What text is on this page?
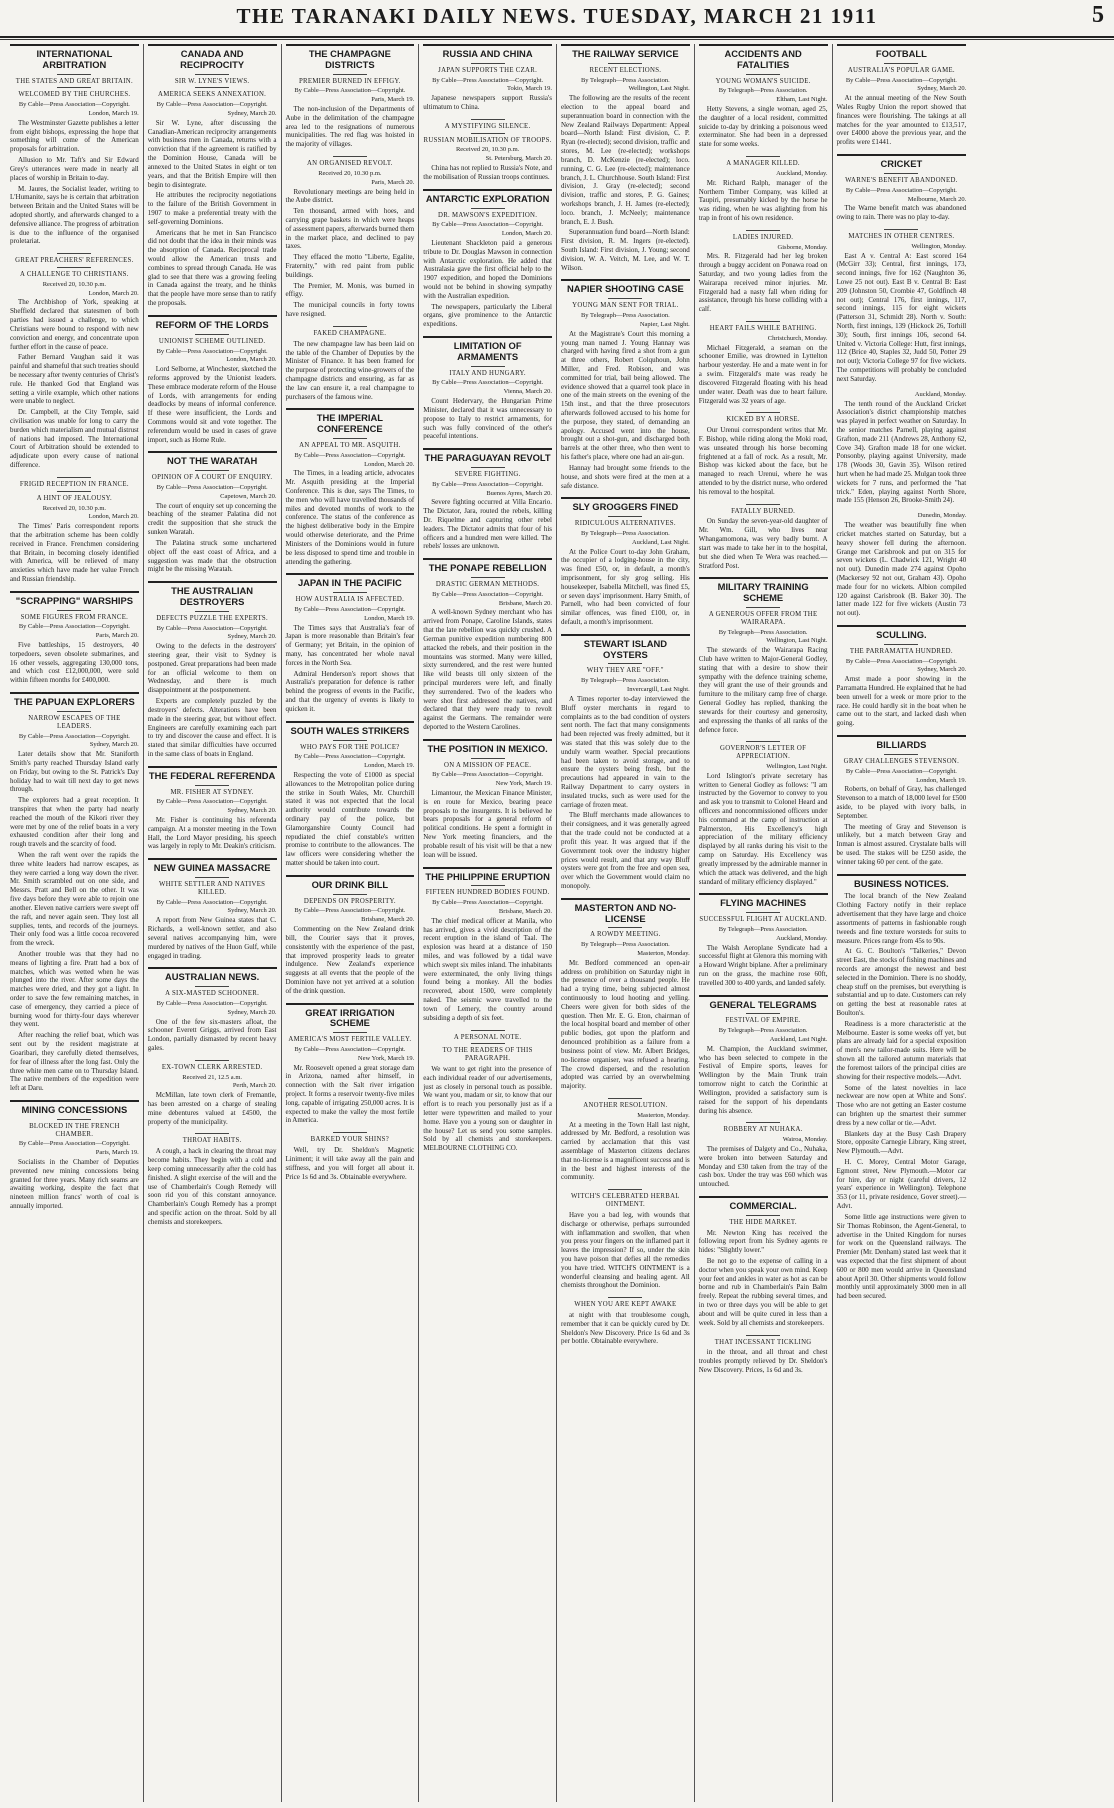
THE TARANAKI DAILY NEWS. TUESDAY, MARCH 21 1911	5
INTERNATIONAL ARBITRATION
THE STATES AND GREAT BRITAIN.
WELCOMED BY THE CHURCHES.
By Cable—Press Association—Copyright.
London, March 19.

The Westminster Gazette publishes a letter from eight bishops, expressing the hope that something will come of the American proposals for arbitration.

Allusion to Mr. Taft's and Sir Edward Grey's utterances were made in nearly all places of worship in Britain to-day.

M. Jaures, the Socialist leader, writing to L'Humanite, says he is certain that arbitration between Britain and the United States will be adopted shortly, and afterwards changed to a defensive alliance. The progress of arbitration is due to the influence of the organised proletariat.

GREAT PREACHERS' REFERENCES.
A CHALLENGE TO CHRISTIANS.
Received 20, 10.30 p.m.
London, March 20.

The Archbishop of York, speaking at Sheffield declared that statesmen of both parties had issued a challenge, to which Christians were bound to respond with new conviction and energy, and concentrate upon further effort in the cause of peace.

Father Bernard Vaughan said it was painful and shameful that such treaties should be necessary after twenty centuries of Christ's rule. He thanked God that England was setting a virile example, which other nations were unable to neglect.

Dr. Campbell, at the City Temple, said civilisation was unable for long to carry the burden which materialism and mutual distrust of nations had imposed. The International Court of Arbitration should be extended to adjudicate upon every cause of national difference.

FRIGID RECEPTION IN FRANCE.
A HINT OF JEALOUSY.
Received 20, 10.30 p.m.
London, March 20.

The Times' Paris correspondent reports that the arbitration scheme has been coldly received in France. Frenchmen considering that Britain, in becoming closely identified with America, will be relieved of many anxieties which have made her value French and Russian friendship.

"SCRAPPING" WARSHIPS
SOME FIGURES FROM FRANCE.
By Cable—Press Association—Copyright.
Paris, March 20.

Five battleships, 15 destroyers, 40 torpedoers, seven obsolete submarines, and 16 other vessels, aggregating 130,000 tons, and which cost £12,000,000, were sold within fifteen months for £400,000.

THE PAPUAN EXPLORERS
NARROW ESCAPES OF THE LEADERS.
By Cable—Press Association—Copyright.
Sydney, March 20.

Later details show that Mr. Staniforth Smith's party reached Thursday Island early on Friday, but owing to the St. Patrick's Day holiday had to wait till next day to get news through.

The explorers had a great reception. It transpires that when the party had nearly reached the mouth of the Kikori river they were met by one of the relief boats in a very exhausted condition after their long and rough travels and the scarcity of food.

When the raft went over the rapids the three white leaders had narrow escapes, as they were carried a long way down the river. Mr. Smith scrambled out on one side, and Messrs. Pratt and Bell on the other. It was five days before they were able to rejoin one another. Eleven native carriers were swept off the raft, and never again seen. They lost all supplies, tents, and records of the journeys. Their only food was a little cocoa recovered from the wreck.

Another trouble was that they had no means of lighting a fire. Pratt had a box of matches, which was wetted when he was plunged into the river. After some days the matches were dried, and they got a light. In order to save the few remaining matches, in case of emergency, they carried a piece of burning wood for thirty-four days wherever they went.

After reaching the relief boat, which was sent out by the resident magistrate at Goaribari, they carefully dieted themselves, for fear of illness after the long fast. Only the three white men came on to Thursday Island. The native members of the expedition were left at Daru.

MINING CONCESSIONS
BLOCKED IN THE FRENCH CHAMBER.
By Cable—Press Association—Copyright.
Paris, March 19.

Socialists in the Chamber of Deputies prevented new mining concessions being granted for three years. Many rich seams are awaiting working, despite the fact that nineteen million francs' worth of coal is annually imported.

CANADA AND RECIPROCITY
SIR W. LYNE'S VIEWS.
AMERICA SEEKS ANNEXATION.
By Cable—Press Association—Copyright.
Sydney, March 20.

Sir W. Lyne, after discussing the Canadian-American reciprocity arrangements with business men in Canada, returns with a conviction that if the agreement is ratified by the Dominion House, Canada will be annexed to the United States in eight or ten years, and that the British Empire will then begin to disintegrate.

He attributes the reciprocity negotiations to the failure of the British Government in 1907 to make a preferential treaty with the self-governing Dominions.

Americans that he met in San Francisco did not doubt that the idea in their minds was the absorption of Canada. Reciprocal trade would allow the American trusts and combines to spread through Canada. He was glad to see that there was a growing feeling in Canada against the treaty, and he thinks that the people have more sense than to ratify the proposals.

REFORM OF THE LORDS
UNIONIST SCHEME OUTLINED.
By Cable—Press Association—Copyright.
London, March 20.

Lord Selborne, at Winchester, sketched the reforms approved by the Unionist leaders. These embrace moderate reform of the House of Lords, with arrangements for ending deadlocks by means of informal conference. If these were insufficient, the Lords and Commons would sit and vote together. The referendum would be used in cases of grave import, such as Home Rule.

NOT THE WARATAH
OPINION OF A COURT OF ENQUIRY.
By Cable—Press Association—Copyright.
Capetown, March 20.

The court of enquiry set up concerning the beaching of the steamer Palatina did not credit the supposition that she struck the sunken Waratah.

The Palatina struck some unchartered object off the east coast of Africa, and a suggestion was made that the obstruction might be the missing Waratah.

THE AUSTRALIAN DESTROYERS
DEFECTS PUZZLE THE EXPERTS.
By Cable—Press Association—Copyright.
Sydney, March 20.

Owing to the defects in the destroyers' steering gear, their visit to Sydney is postponed. Great preparations had been made for an official welcome to them on Wednesday, and there is much disappointment at the postponement.

Experts are completely puzzled by the destroyers' defects. Alterations have been made in the steering gear, but without effect. Engineers are carefully examining each part to try and discover the cause and effect. It is stated that similar difficulties have occurred in the same class of boats in England.

THE FEDERAL REFERENDA
MR. FISHER AT SYDNEY.
By Cable—Press Association—Copyright.
Sydney, March 20.

Mr. Fisher is continuing his referenda campaign. At a monster meeting in the Town Hall, the Lord Mayor presiding, his speech was largely in reply to Mr. Deakin's criticism.

NEW GUINEA MASSACRE
WHITE SETTLER AND NATIVES KILLED.
By Cable—Press Association—Copyright.
Sydney, March 20.

A report from New Guinea states that C. Richards, a well-known settler, and also several natives accompanying him, were murdered by natives of the Huon Gulf, while engaged in trading.

AUSTRALIAN NEWS.
A SIX-MASTED SCHOONER.
By Cable—Press Association—Copyright.
Sydney, March 20.

One of the few six-masters afloat, the schooner Everett Griggs, arrived from East London, partially dismasted by recent heavy gales.

EX-TOWN CLERK ARRESTED.
Received 21, 12.5 a.m.
Perth, March 20.

McMillan, late town clerk of Fremantle, has been arrested on a charge of stealing mine debentures valued at £4500, the property of the municipality.

THROAT HABITS.

A cough, a hack in clearing the throat may become habits. They begin with a cold and keep coming unnecessarily after the cold has finished. A slight exercise of the will and the use of Chamberlain's Cough Remedy will soon rid you of this constant annoyance. Chamberlain's Cough Remedy has a prompt and specific action on the throat. Sold by all chemists and storekeepers.

THE CHAMPAGNE DISTRICTS
PREMIER BURNED IN EFFIGY.
By Cable—Press Association—Copyright.
Paris, March 19.

The non-inclusion of the Departments of Aube in the delimitation of the champagne area led to the resignations of numerous municipalities. The red flag was hoisted in the majority of villages.

AN ORGANISED REVOLT.
Received 20, 10.30 p.m.
Paris, March 20.

Revolutionary meetings are being held in the Aube district.

Ten thousand, armed with hoes, and carrying grape baskets in which were heaps of assessment papers, afterwards burned them in the market place, and declined to pay taxes.

They effaced the motto "Liberte, Egalite, Fraternity," with red paint from public buildings.

The Premier, M. Monis, was burned in effigy.

The municipal councils in forty towns have resigned.

FAKED CHAMPAGNE.

The new champagne law has been laid on the table of the Chamber of Deputies by the Minister of Finance. It has been framed for the purpose of protecting wine-growers of the champagne districts and ensuring, as far as the law can ensure it, a real champagne to purchasers of the famous wine.

THE IMPERIAL CONFERENCE
AN APPEAL TO MR. ASQUITH.
By Cable—Press Association—Copyright.
London, March 20.

The Times, in a leading article, advocates Mr. Asquith presiding at the Imperial Conference. This is due, says The Times, to the men who will have travelled thousands of miles and devoted months of work to the conference. The status of the conference as the highest deliberative body in the Empire would otherwise deteriorate, and the Prime Ministers of the Dominions would in future be less disposed to spend time and trouble in attending the gathering.

JAPAN IN THE PACIFIC
HOW AUSTRALIA IS AFFECTED.
By Cable—Press Association—Copyright.
London, March 19.

The Times says that Australia's fear of Japan is more reasonable than Britain's fear of Germany; yet Britain, in the opinion of many, has concentrated her whole naval forces in the North Sea.

Admiral Henderson's report shows that Australia's preparation for defence is rather behind the progress of events in the Pacific, and that the urgency of events is likely to quicken it.

SOUTH WALES STRIKERS
WHO PAYS FOR THE POLICE?
By Cable—Press Association—Copyright.
London, March 19.

Respecting the vote of £1000 as special allowances to the Metropolitan police during the strike in South Wales, Mr. Churchill stated it was not expected that the local authority would contribute towards the ordinary pay of the police, but Glamorganshire County Council had repudiated the chief constable's written promise to contribute to the allowances. The law officers were considering whether the matter should be taken into court.

OUR DRINK BILL
DEPENDS ON PROSPERITY.
By Cable—Press Association—Copyright.
Brisbane, March 20.

Commenting on the New Zealand drink bill, the Courier says that it proves, consistently with the experience of the past, that improved prosperity leads to greater indulgence. New Zealand's experience suggests at all events that the people of the Dominion have not yet arrived at a solution of the drink question.

GREAT IRRIGATION SCHEME
AMERICA'S MOST FERTILE VALLEY.
By Cable—Press Association—Copyright.
New York, March 19.

Mr. Roosevelt opened a great storage dam in Arizona, named after himself, in connection with the Salt river irrigation project. It forms a reservoir twenty-five miles long, capable of irrigating 250,000 acres. It is expected to make the valley the most fertile in America.

BARKED YOUR SHINS?

Well, try Dr. Sheldon's Magnetic Liniment; it will take away all the pain and stiffness, and you will forget all about it. Price 1s 6d and 3s. Obtainable everywhere.

RUSSIA AND CHINA
JAPAN SUPPORTS THE CZAR.
By Cable—Press Association—Copyright.
Tokio, March 19.

Japanese newspapers support Russia's ultimatum to China.

A MYSTIFYING SILENCE.
RUSSIAN MOBILISATION OF TROOPS.
Received 20, 10.30 p.m.
St. Petersburg, March 20.

China has not replied to Russia's Note, and the mobilisation of Russian troops continues.

ANTARCTIC EXPLORATION
DR. MAWSON'S EXPEDITION.
By Cable—Press Association—Copyright.
London, March 20.

Lieutenant Shackleton paid a generous tribute to Dr. Douglas Mawson in connection with Antarctic exploration. He added that Australasia gave the first official help to the 1907 expedition, and hoped the Dominions would not be behind in showing sympathy with the Australian expedition.

The newspapers, particularly the Liberal organs, give prominence to the Antarctic expeditions.

LIMITATION OF ARMAMENTS
ITALY AND HUNGARY.
By Cable—Press Association—Copyright.
Vienna, March 20.

Count Hedervary, the Hungarian Prime Minister, declared that it was unnecessary to propose to Italy to restrict armaments, for such was fully convinced of the other's peaceful intentions.

THE PARAGUAYAN REVOLT
SEVERE FIGHTING.
By Cable—Press Association—Copyright.
Buenos Ayres, March 20.

Severe fighting occurred at Villa Encario. The Dictator, Jara, routed the rebels, killing Dr. Riquelme and capturing other rebel leaders. The Dictator admits that four of his officers and a hundred men were killed. The rebels' losses are unknown.

THE PONAPE REBELLION
DRASTIC GERMAN METHODS.
By Cable—Press Association—Copyright.
Brisbane, March 20.

A well-known Sydney merchant who has arrived from Ponape, Caroline Islands, states that the late rebellion was quickly crushed. A German punitive expedition numbering 800 attacked the rebels, and their position in the mountains was stormed. Many were killed, sixty surrendered, and the rest were hunted like wild beasts till only sixteen of the principal murderers were left, and finally they surrendered. Two of the leaders who were shot first addressed the natives, and declared that they were ready to revolt against the Germans. The remainder were deported to the Western Carolines.

THE POSITION IN MEXICO.
ON A MISSION OF PEACE.
By Cable—Press Association—Copyright.
New York, March 19.

Limantour, the Mexican Finance Minister, is en route for Mexico, bearing peace proposals to the insurgents. It is believed he bears proposals for a general reform of political conditions. He spent a fortnight in New York meeting financiers, and the probable result of his visit will be that a new loan will be issued.

THE PHILIPPINE ERUPTION
FIFTEEN HUNDRED BODIES FOUND.
By Cable—Press Association—Copyright.
Brisbane, March 20.

The chief medical officer at Manila, who has arrived, gives a vivid description of the recent eruption in the island of Taal. The explosion was heard at a distance of 150 miles, and was followed by a tidal wave which swept six miles inland. The inhabitants were exterminated, the only living things found being a monkey. All the bodies recovered, about 1500, were completely naked. The seismic wave travelled to the town of Lemery, the country around subsiding a depth of six feet.

A PERSONAL NOTE.
TO THE READERS OF THIS PARAGRAPH.

We want to get right into the presence of each individual reader of our advertisements, just as closely in personal touch as possible. We want you, madam or sir, to know that our effort is to reach you personally just as if a letter were typewritten and mailed to your home. Have you a young son or daughter in the house? Let us send you some samples. Sold by all chemists and storekeepers. MELBOURNE CLOTHING CO.

THE RAILWAY SERVICE
RECENT ELECTIONS.
By Telegraph—Press Association.
Wellington, Last Night.

The following are the results of the recent election to the appeal board and superannuation board in connection with the New Zealand Railways Department: Appeal board—North Island: First division, C. P. Ryan (re-elected); second division, traffic and stores, M. Lee (re-elected); workshops branch, D. McKenzie (re-elected); loco. running, C. G. Lee (re-elected); maintenance branch, J. L. Churchhouse. South Island: First division, J. Gray (re-elected); second division, traffic and stores, P. G. Gaines; workshops branch, J. H. James (re-elected); loco. branch, J. McNeely; maintenance branch, E. J. Bush.

Superannuation fund board—North Island: First division, R. M. Ingers (re-elected). South Island: First division, J. Young; second division, W. A. Veitch, M. Lee, and W. T. Wilson.

NAPIER SHOOTING CASE
YOUNG MAN SENT FOR TRIAL.
By Telegraph—Press Association.
Napier, Last Night.

At the Magistrate's Court this morning a young man named J. Young Hannay was charged with having fired a shot from a gun at three others, Robert Colquhoun, John Miller, and Fred. Robison, and was committed for trial, bail being allowed. The evidence showed that a quarrel took place in one of the main streets on the evening of the 15th inst., and that the three prosecutors afterwards followed accused to his home for the purpose, they stated, of demanding an apology. Accused went into the house, brought out a shot-gun, and discharged both barrels at the other three, who then went to his father's place, where one had an air-gun.

Hannay had brought some friends to the house, and shots were fired at the men at a safe distance.

SLY GROGGERS FINED
RIDICULOUS ALTERNATIVES.
By Telegraph—Press Association.
Auckland, Last Night.

At the Police Court to-day John Graham, the occupier of a lodging-house in the city, was fined £50, or, in default, a month's imprisonment, for sly grog selling. His housekeeper, Isabella Mitchell, was fined £5, or seven days' imprisonment. Harry Smith, of Parnell, who had been convicted of four similar offences, was fined £100, or, in default, a month's imprisonment.

STEWART ISLAND OYSTERS
WHY THEY ARE "OFF."
By Telegraph—Press Association.
Invercargill, Last Night.

A Times reporter to-day interviewed the Bluff oyster merchants in regard to complaints as to the bad condition of oysters sent north. The fact that many consignments had been rejected was freely admitted, but it was stated that this was solely due to the unduly warm weather. Special precautions had been taken to avoid storage, and to ensure the oysters being fresh, but the precautions had appeared in vain to the Railway Department to carry oysters in insulated trucks, such as were used for the carriage of frozen meat.

The Bluff merchants made allowances to their consignees, and it was generally agreed that the trade could not be conducted at a profit this year. It was argued that if the Government took over the industry higher prices would result, and that any way Bluff oysters were got from the free and open sea, over which the Government would claim no monopoly.

MASTERTON AND NO-LICENSE
A ROWDY MEETING.
By Telegraph—Press Association.
Masterton, Monday.

Mr. Bedford commenced an open-air address on prohibition on Saturday night in the presence of over a thousand people. He had a trying time, being subjected almost continuously to loud hooting and yelling. Cheers were given for both sides of the question. Then Mr. E. G. Eton, chairman of the local hospital board and member of other public bodies, got upon the platform and denounced prohibition as a failure from a business point of view. Mr. Albert Bridges, no-license organiser, was refused a hearing. The crowd dispersed, and the resolution adopted was carried by an overwhelming majority.

ANOTHER RESOLUTION.
Masterton, Monday.

At a meeting in the Town Hall last night, addressed by Mr. Bedford, a resolution was carried by acclamation that this vast assemblage of Masterton citizens declares that no-license is a magnificent success and is in the best and highest interests of the community.

WITCH'S CELEBRATED HERBAL OINTMENT.

Have you a bad leg, with wounds that discharge or otherwise, perhaps surrounded with inflammation and swollen, that when you press your fingers on the inflamed part it leaves the impression? If so, under the skin you have poison that defies all the remedies you have tried. WITCH'S OINTMENT is a wonderful cleansing and healing agent. All chemists throughout the Dominion.

WHEN YOU ARE KEPT AWAKE

at night with that troublesome cough, remember that it can be quickly cured by Dr. Sheldon's New Discovery. Price 1s 6d and 3s per bottle. Obtainable everywhere.

ACCIDENTS AND FATALITIES
YOUNG WOMAN'S SUICIDE.
By Telegraph—Press Association.
Eltham, Last Night.

Hetty Stevens, a single woman, aged 25, the daughter of a local resident, committed suicide to-day by drinking a poisonous weed exterminator. She had been in a depressed state for some weeks.

A MANAGER KILLED.
Auckland, Monday.

Mr. Richard Ralph, manager of the Northern Timber Company, was killed at Taupiri, presumably kicked by the horse he was riding, when he was alighting from his trap in front of his own residence.

LADIES INJURED.
Gisborne, Monday.

Mrs. R. Fitzgerald had her leg broken through a buggy accident on Ponawa road on Saturday, and two young ladies from the Wairarapa received minor injuries. Mr. Fitzgerald had a nasty fall when riding for assistance, through his horse colliding with a calf.

HEART FAILS WHILE BATHING.
Christchurch, Monday.

Michael Fitzgerald, a seaman on the schooner Emilie, was drowned in Lyttelton harbour yesterday. He and a mate went in for a swim. Fitzgerald's mate was ready he discovered Fitzgerald floating with his head under water. Death was due to heart failure. Fitzgerald was 32 years of age.

KICKED BY A HORSE.

Our Urenui correspondent writes that Mr. F. Bishop, while riding along the Moki road, was unseated through his horse becoming frightened at a fall of rock. As a result, Mr. Bishop was kicked about the face, but he managed to reach Urenui, where he was attended to by the district nurse, who ordered his removal to the hospital.

FATALLY BURNED.

On Sunday the seven-year-old daughter of Mr. Wm. Gill, who lives near Whangamomona, was very badly burnt. A start was made to take her in to the hospital, but she died when Te Wera was reached.—Stratford Post.

MILITARY TRAINING SCHEME
A GENEROUS OFFER FROM THE WAIRARAPA.
By Telegraph—Press Association.
Wellington, Last Night.

The stewards of the Wairarapa Racing Club have written to Major-General Godley, stating that with a desire to show their sympathy with the defence training scheme, they will grant the use of their grounds and furniture to the military camp free of charge. General Godley has replied, thanking the stewards for their courtesy and generosity, and expressing the thanks of all ranks of the defence force.

GOVERNOR'S LETTER OF APPRECIATION.
Wellington, Last Night.

Lord Islington's private secretary has written to General Godley as follows: "I am instructed by the Governor to convey to you and ask you to transmit to Colonel Heard and officers and noncommissioned officers under his command at the camp of instruction at Palmerston, His Excellency's high appreciation of the military efficiency displayed by all ranks during his visit to the camp on Saturday. His Excellency was greatly impressed by the admirable manner in which the attack was delivered, and the high standard of military efficiency displayed."

FLYING MACHINES
SUCCESSFUL FLIGHT AT AUCKLAND.
By Telegraph—Press Association.
Auckland, Monday.

The Walsh Aeroplane Syndicate had a successful flight at Glenora this morning with a Howard Wright biplane. After a preliminary run on the grass, the machine rose 60ft, travelled 300 to 400 yards, and landed safely.

GENERAL TELEGRAMS
FESTIVAL OF EMPIRE.
By Telegraph—Press Association.
Auckland, Last Night.

M. Champion, the Auckland swimmer, who has been selected to compete in the Festival of Empire sports, leaves for Wellington by the Main Trunk train tomorrow night to catch the Corinthic at Wellington, provided a satisfactory sum is raised for the support of his dependants during his absence.

ROBBERY AT NUHAKA.
Wairoa, Monday.

The premises of Dalgety and Co., Nuhaka, were broken into between Saturday and Monday and £30 taken from the tray of the cash box. Under the tray was £60 which was untouched.

COMMERCIAL.
THE HIDE MARKET.

Mr. Newton King has received the following report from his Sydney agents re hides: "Slightly lower."

Be not go to the expense of calling in a doctor when you speak your own mind. Keep your feet and ankles in water as hot as can be borne and rub in Chamberlain's Pain Balm freely. Repeat the rubbing several times, and in two or three days you will be able to get about and will be quite cured in less than a week. Sold by all chemists and storekeepers.

THAT INCESSANT TICKLING

in the throat, and all throat and chest troubles promptly relieved by Dr. Sheldon's New Discovery. Prices, 1s 6d and 3s.

FOOTBALL
AUSTRALIA'S POPULAR GAME.
By Cable—Press Association—Copyright.
Sydney, March 20.

At the annual meeting of the New South Wales Rugby Union the report showed that finances were flourishing. The takings at all matches for the year amounted to £13,517, over £4000 above the previous year, and the profits were £1441.

CRICKET
WARNE'S BENEFIT ABANDONED.
By Cable—Press Association—Copyright.
Melbourne, March 20.

The Warne benefit match was abandoned owing to rain. There was no play to-day.

MATCHES IN OTHER CENTRES.
Wellington, Monday.

East A v. Central A: East scored 164 (McGirr 33); Central, first innings, 173, second innings, five for 162 (Naughton 36, Lowe 25 not out). East B v. Central B: East 209 (Johnston 50, Crombie 47, Goldfinch 48 not out); Central 176, first innings, 117, second innings, 115 for eight wickets (Patterson 31, Schmidt 28). North v. South: North, first innings, 139 (Hickock 26, Torhill 30); South, first innings 106, second 64. United v. Victoria College: Hutt, first innings, 112 (Brice 40, Staples 32, Judd 50, Potter 29 not out); Victoria College 97 for five wickets. The competitions will probably be concluded next Saturday.

Auckland, Monday.

The tenth round of the Auckland Cricket Association's district championship matches was played in perfect weather on Saturday. In the senior matches Parnell, playing against Grafton, made 211 (Andrews 28, Anthony 62, Cove 34). Grafton made 18 for one wicket. Ponsonby, playing against University, made 178 (Woods 30, Gavin 35). Wilson retired hurt when he had made 25. Mulgan took three wickets for 7 runs, and performed the "hat trick." Eden, playing against North Shore, made 155 (Henson 26, Brooke-Smith 24).

Dunedin, Monday.

The weather was beautifully fine when cricket matches started on Saturday, but a heavy shower fell during the afternoon. Grange met Carisbrook and put on 315 for seven wickets (L. Chadwick 121, Wright 40 not out). Dunedin made 274 against Opoho (Mackersey 92 not out, Graham 43). Opoho made four for no wickets. Albion compiled 120 against Carisbrook (B. Baker 30). The latter made 122 for five wickets (Austin 73 not out).

SCULLING.
THE PARRAMATTA HUNDRED.
By Cable—Press Association—Copyright.
Sydney, March 20.

Arnst made a poor showing in the Parramatta Hundred. He explained that he had been unwell for a week or more prior to the race. He could hardly sit in the boat when he came out to the start, and lacked dash when going.

BILLIARDS
GRAY CHALLENGES STEVENSON.
By Cable—Press Association—Copyright.
London, March 19.

Roberts, on behalf of Gray, has challenged Stevenson to a match of 18,000 level for £500 aside, to be played with ivory balls, in September.

The meeting of Gray and Stevenson is unlikely, but a match between Gray and Inman is almost assured. Crystalate balls will be used. The stakes will be £250 aside, the winner taking 60 per cent. of the gate.

BUSINESS NOTICES.

The local branch of the New Zealand Clothing Factory notify in their replace advertisement that they have large and choice assortments of patterns in fashionable rough tweeds and fine texture worsteds for suits to measure. Prices range from 45s to 90s.

At G. C. Boulton's "Talkeries," Devon street East, the stocks of fishing machines and records are amongst the newest and best selected in the Dominion. There is no shoddy, cheap stuff on the premises, but everything is substantial and up to date. Customers can rely on getting the best at reasonable rates at Boulton's.

Readiness is a more characteristic at the Melbourne. Easter is some weeks off yet, but plans are already laid for a special exposition of men's new tailor-made suits. Here will be shown all the tailored autumn materials that the foremost tailors of the principal cities are showing for their respective models.—Advt.

Some of the latest novelties in lace neckwear are now open at White and Sons'. Those who are not getting an Easter costume can brighten up the smartest their summer dress by a new collar or tie.—Advt.

Blankets day at the Busy Cash Drapery Store, opposite Carnegie Library, King street, New Plymouth.—Advt.

H. C. Morey, Central Motor Garage, Egmont street, New Plymouth.—Motor car for hire, day or night (careful drivers, 12 years' experience in Wellington). Telephone 353 (or 11, private residence, Gover street).—Advt.

Some little age instructions were given to Sir Thomas Robinson, the Agent-General, to advertise in the United Kingdom for nurses for work on the Queensland railways. The Premier (Mr. Denham) stated last week that it was expected that the first shipment of about 600 or 800 men would arrive in Queensland about April 30. Other shipments would follow monthly until approximately 3000 men in all had been secured.
